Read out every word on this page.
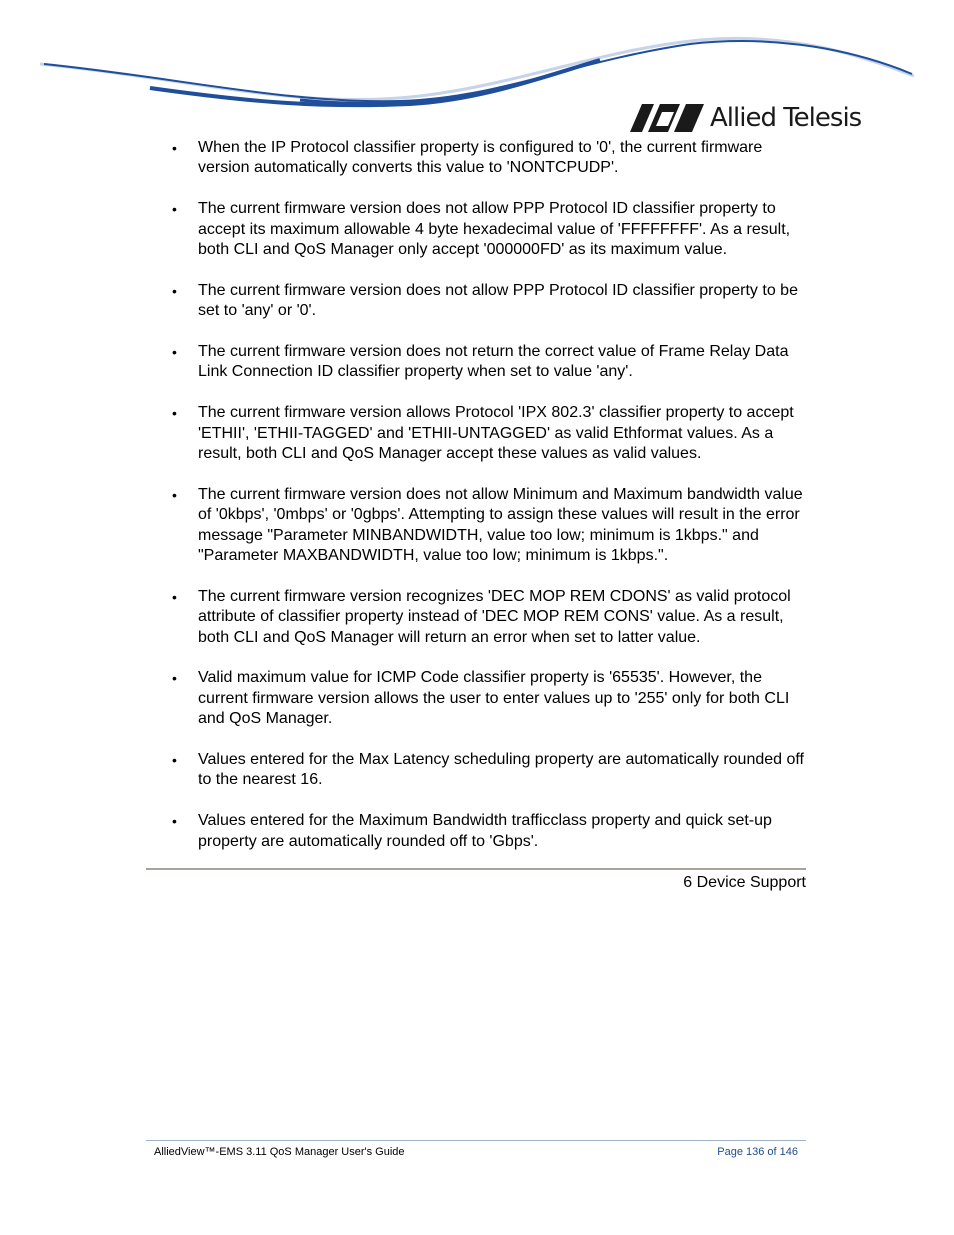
Allied Telesis
• When the IP Protocol classifier property is configured to '0', the current firmware version automatically converts this value to 'NONTCPUDP'.
• The current firmware version does not allow PPP Protocol ID classifier property to accept its maximum allowable 4 byte hexadecimal value of 'FFFFFFFF'. As a result, both CLI and QoS Manager only accept '000000FD' as its maximum value.
• The current firmware version does not allow PPP Protocol ID classifier property to be set to 'any' or '0'.
• The current firmware version does not return the correct value of Frame Relay Data Link Connection ID classifier property when set to value 'any'.
• The current firmware version allows Protocol 'IPX 802.3' classifier property to accept 'ETHII', 'ETHII-TAGGED' and 'ETHII-UNTAGGED' as valid Ethformat values. As a result, both CLI and QoS Manager accept these values as valid values.
• The current firmware version does not allow Minimum and Maximum bandwidth value of '0kbps', '0mbps' or '0gbps'. Attempting to assign these values will result in the error message "Parameter MINBANDWIDTH, value too low; minimum is 1kbps." and "Parameter MAXBANDWIDTH, value too low; minimum is 1kbps.".
• The current firmware version recognizes 'DEC MOP REM CDONS' as valid protocol attribute of classifier property instead of 'DEC MOP REM CONS' value. As a result, both CLI and QoS Manager will return an error when set to latter value.
• Valid maximum value for ICMP Code classifier property is '65535'. However, the current firmware version allows the user to enter values up to '255' only for both CLI and QoS Manager.
• Values entered for the Max Latency scheduling property are automatically rounded off to the nearest 16.
• Values entered for the Maximum Bandwidth trafficclass property and quick set-up property are automatically rounded off to 'Gbps'.
6 Device Support
AlliedView™-EMS 3.11 QoS Manager User's Guide	Page 136 of 146
